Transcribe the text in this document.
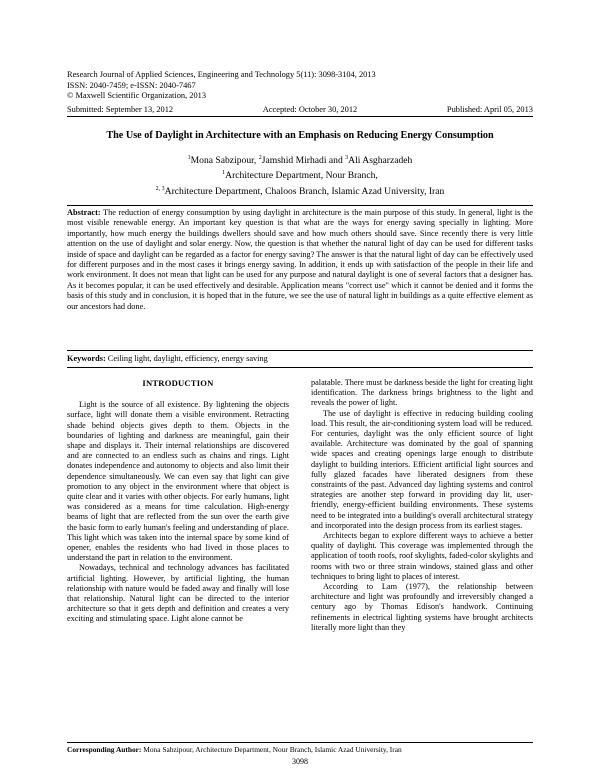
Research Journal of Applied Sciences, Engineering and Technology 5(11): 3098-3104, 2013
ISSN: 2040-7459; e-ISSN: 2040-7467
© Maxwell Scientific Organization, 2013
Submitted: September 13, 2012	Accepted: October 30, 2012	Published: April 05, 2013
The Use of Daylight in Architecture with an Emphasis on Reducing Energy Consumption
$^1$Mona Sabzipour, $^2$Jamshid Mirhadi and $^3$Ali Asgharzadeh
$^1$Architecture Department, Nour Branch,
$^{2, 3}$Architecture Department, Chaloos Branch, Islamic Azad University, Iran
Abstract: The reduction of energy consumption by using daylight in architecture is the main purpose of this study. In general, light is the most visible renewable energy. An important key question is that what are the ways for energy saving specially in lighting. More importantly, how much energy the buildings dwellers should save and how much others should save. Since recently there is very little attention on the use of daylight and solar energy. Now, the question is that whether the natural light of day can be used for different tasks inside of space and daylight can be regarded as a factor for energy saving? The answer is that the natural light of day can be effectively used for different purposes and in the most cases it brings energy saving. In addition, it ends up with satisfaction of the people in their life and work environment. It does not mean that light can be used for any purpose and natural daylight is one of several factors that a designer has. As it becomes popular, it can be used effectively and desirable. Application means "correct use" which it cannot be denied and it forms the basis of this study and in conclusion, it is hoped that in the future, we see the use of natural light in buildings as a quite effective element as our ancestors had done.
Keywords: Ceiling light, daylight, efficiency, energy saving
INTRODUCTION

Light is the source of all existence. By lightening the objects surface, light will donate them a visible environment. Retracting shade behind objects gives depth to them. Objects in the boundaries of lighting and darkness are meaningful, gain their shape and displays it. Their internal relationships are discovered and are connected to an endless such as chains and rings. Light donates independence and autonomy to objects and also limit their dependence simultaneously. We can even say that light can give promotion to any object in the environment where that object is quite clear and it varies with other objects. For early humans, light was considered as a means for time calculation. High-energy beams of light that are reflected from the sun over the earth give the basic form to early human's feeling and understanding of place. This light which was taken into the internal space by some kind of opener, enables the residents who had lived in those places to understand the part in relation to the environment.

Nowadays, technical and technology advances has facilitated artificial lighting. However, by artificial lighting, the human relationship with nature would be faded away and finally will lose that relationship. Natural light can be directed to the interior architecture so that it gets depth and definition and creates a very exciting and stimulating space. Light alone cannot be

palatable. There must be darkness beside the light for creating light identification. The darkness brings brightness to the light and reveals the power of light.

The use of daylight is effective in reducing building cooling load. This result, the air-conditioning system load will be reduced. For centuries, daylight was the only efficient source of light available. Architecture was dominated by the goal of spanning wide spaces and creating openings large enough to distribute daylight to building interiors. Efficient artificial light sources and fully glazed facades have liberated designers from these constraints of the past. Advanced day lighting systems and control strategies are another step forward in providing day lit, user-friendly, energy-efficient building environments. These systems need to be integrated into a building's overall architectural strategy and incorporated into the design process from its earliest stages.

Architects began to explore different ways to achieve a better quality of daylight. This coverage was implemented through the application of tooth roofs, roof skylights, faded-color skylights and rooms with two or three strain windows, stained glass and other techniques to bring light to places of interest.

According to Lam (1977), the relationship between architecture and light was profoundly and irreversibly changed a century ago by Thomas Edison's handwork. Continuing refinements in electrical lighting systems have brought architects literally more light than they

Corresponding Author: Mona Sabzipour, Architecture Department, Nour Branch, Islamic Azad University, Iran
3098
